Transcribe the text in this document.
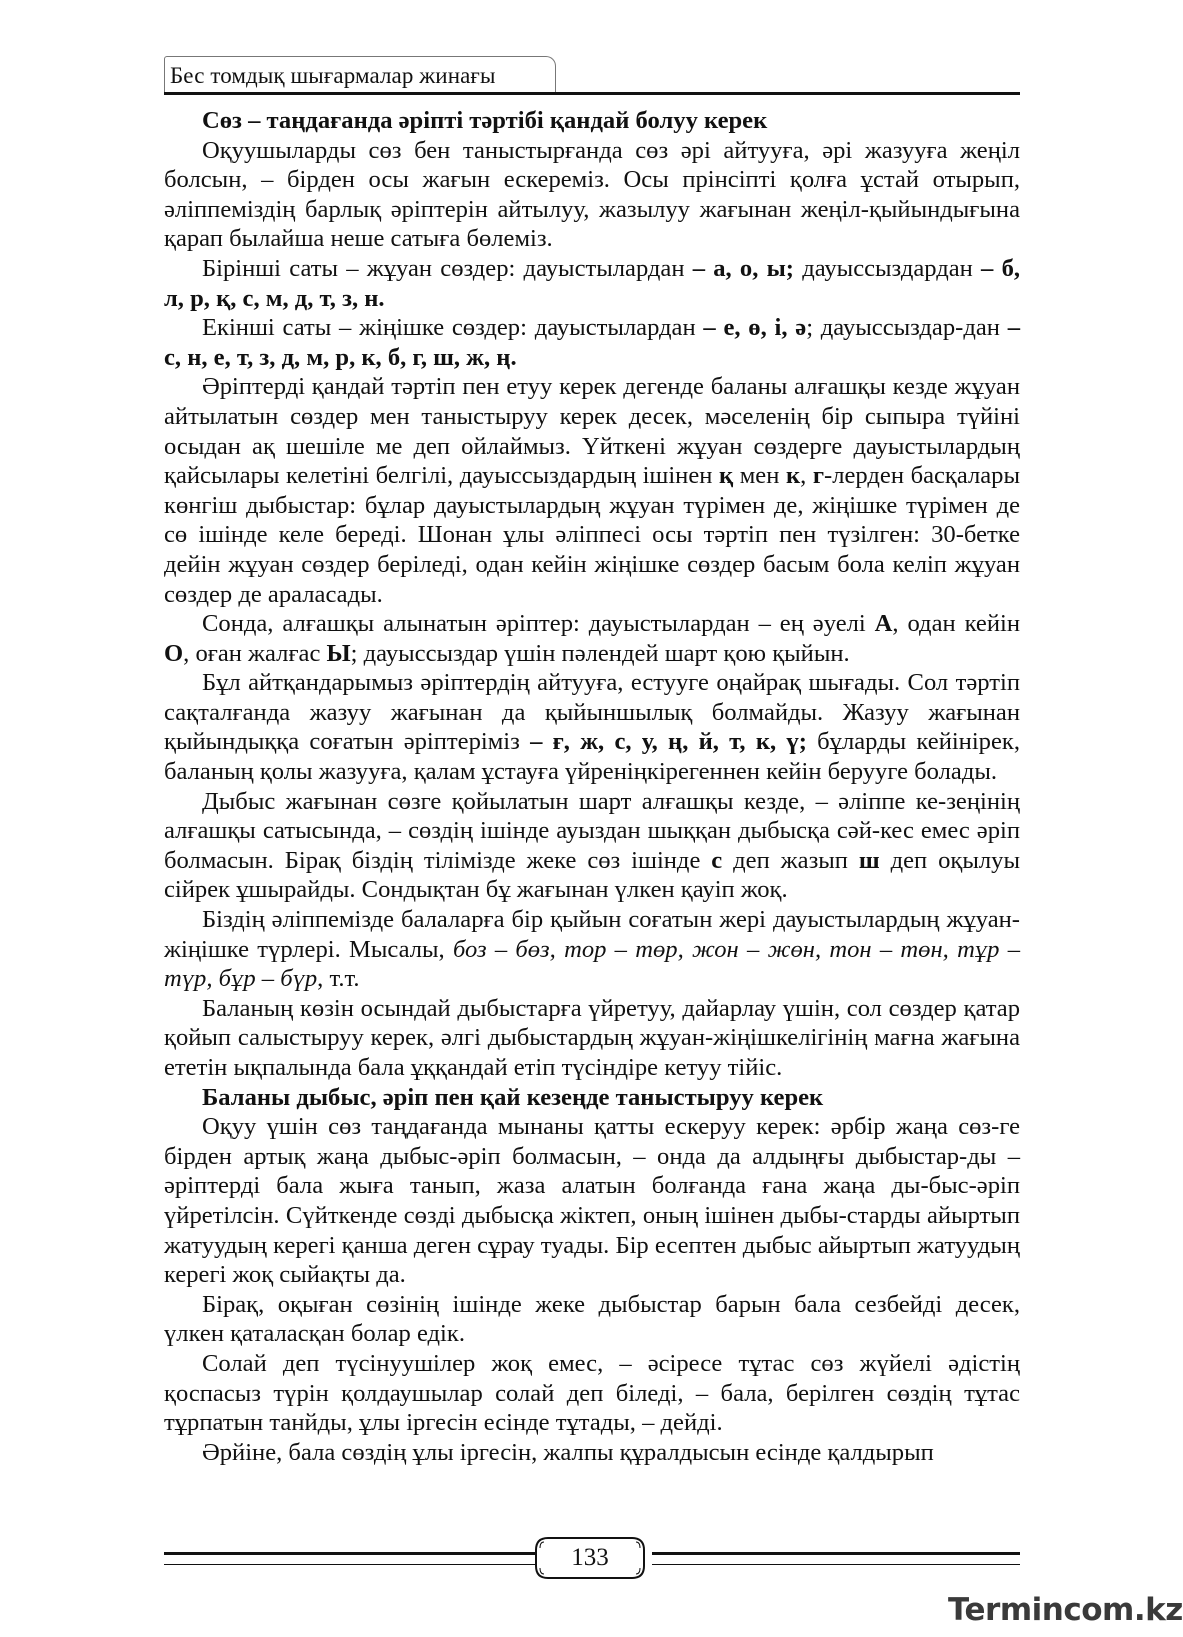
Бес томдық шығармалар жинағы

Сөз – таңдағанда әріпті тәртібі қандай болуу керек

Оқуушыларды сөз бен таныстырғанда сөз әрі айтууға, әрі жазууға жеңіл болсын, – бірден осы жағын ескереміз. Осы прінсіпті қолға ұстай отырып, әліппеміздің барлық әріптерін айтылуу, жазылуу жағынан жеңіл-қыйындығына қарап былайша неше сатыға бөлеміз.

Бірінші саты – жұуан сөздер: дауыстылардан – а, о, ы; дауыссыздардан – б, л, р, қ, с, м, д, т, з, н.

Екінші саты – жіңішке сөздер: дауыстылардан – е, ө, і, ә; дауыссыздар-дан – с, н, е, т, з, д, м, р, к, б, г, ш, ж, ң.

Әріптерді қандай тәртіп пен етуу керек дегенде баланы алғашқы кезде жұуан айтылатын сөздер мен таныстыруу керек десек, мәселенің бір сыпыра түйіні осыдан ақ шешіле ме деп ойлаймыз. Үйткені жұуан сөздерге дауыстылардың қайсылары келетіні белгілі, дауыссыздардың ішінен қ мен к, г-лерден басқалары көнгіш дыбыстар: бұлар дауыстылардың жұуан түрімен де, жіңішке түрімен де сө ішінде келе береді. Шонан ұлы әліппесі осы тәртіп пен түзілген: 30-бетке дейін жұуан сөздер беріледі, одан кейін жіңішке сөздер басым бола келіп жұуан сөздер де араласады.

Сонда, алғашқы алынатын әріптер: дауыстылардан – ең әуелі А, одан кейін О, оған жалғас Ы; дауыссыздар үшін пәлендей шарт қою қыйын.

Бұл айтқандарымыз әріптердің айтууға, естууге оңайрақ шығады. Сол тәртіп сақталғанда жазуу жағынан да қыйыншылық болмайды. Жазуу жағынан қыйындыққа соғатын әріптеріміз – ғ, ж, с, у, ң, й, т, к, ү; бұларды кейінірек, баланың қолы жазууға, қалам ұстауға үйреніңкірегеннен кейін берууге болады.

Дыбыс жағынан сөзге қойылатын шарт алғашқы кезде, – әліппе ке-зеңінің алғашқы сатысында, – сөздің ішінде ауыздан шыққан дыбысқа сәй-кес емес әріп болмасын. Бірақ біздің тілімізде жеке сөз ішінде с деп жазып ш деп оқылуы сійрек ұшырайды. Сондықтан бұ жағынан үлкен қауіп жоқ.

Біздің әліппемізде балаларға бір қыйын соғатын жері дауыстылардың жұуан-жіңішке түрлері. Мысалы, боз – бөз, тор – төр, жон – жөн, тон – төн, тұр – түр, бұр – бүр, т.т.

Баланың көзін осындай дыбыстарға үйретуу, дайарлау үшін, сол сөздер қатар қойып салыстыруу керек, әлгі дыбыстардың жұуан-жіңішкелігінің мағна жағына ететін ықпалында бала ұққандай етіп түсіндіре кетуу тійіс.

Баланы дыбыс, әріп пен қай кезеңде таныстыруу керек

Оқуу үшін сөз таңдағанда мынаны қатты ескеруу керек: әрбір жаңа сөз-ге бірден артық жаңа дыбыс-әріп болмасын, – онда да алдыңғы дыбыстар-ды –әріптерді бала жыға танып, жаза алатын болғанда ғана жаңа ды-быс-әріп үйретілсін. Сүйткенде сөзді дыбысқа жіктеп, оның ішінен дыбы-старды айыртып жатуудың керегі қанша деген сұрау туады. Бір есептен дыбыс айыртып жатуудың керегі жоқ сыйақты да.

Бірақ, оқыған сөзінің ішінде жеке дыбыстар барын бала сезбейді десек, үлкен қаталасқан болар едік.

Солай деп түсінуушілер жоқ емес, – әсіресе тұтас сөз жүйелі әдістің қоспасыз түрін қолдаушылар солай деп біледі, – бала, берілген сөздің тұтас тұрпатын танйды, ұлы іргесін есінде тұтады, – дейді.

Әрйіне, бала сөздің ұлы іргесін, жалпы құралдысын есінде қалдырып

133
Termincоm.kz
